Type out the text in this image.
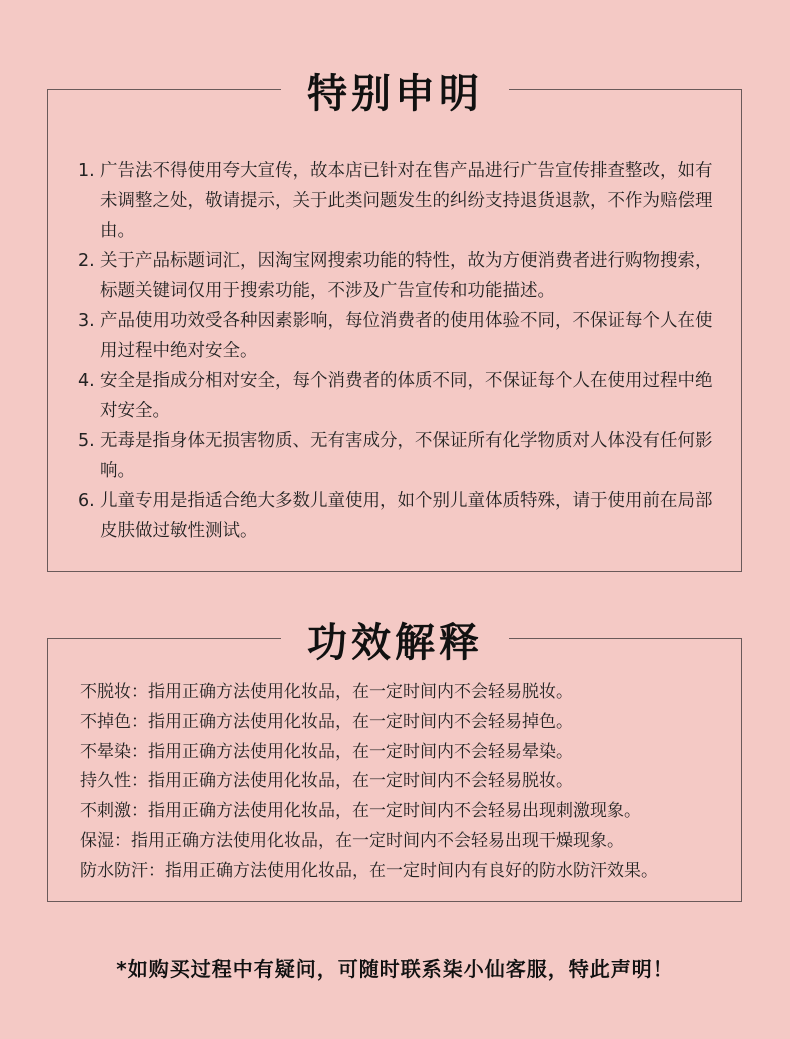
特别申明
1. 广告法不得使用夸大宣传，故本店已针对在售产品进行广告宣传排查整改，如有未调整之处，敬请提示，关于此类问题发生的纠纷支持退货退款，不作为赔偿理由。
2. 关于产品标题词汇，因淘宝网搜索功能的特性，故为方便消费者进行购物搜索，标题关键词仅用于搜索功能，不涉及广告宣传和功能描述。
3. 产品使用功效受各种因素影响，每位消费者的使用体验不同，不保证每个人在使用过程中绝对安全。
4. 安全是指成分相对安全，每个消费者的体质不同，不保证每个人在使用过程中绝对安全。
5. 无毒是指身体无损害物质、无有害成分，不保证所有化学物质对人体没有任何影响。
6. 儿童专用是指适合绝大多数儿童使用，如个别儿童体质特殊，请于使用前在局部皮肤做过敏性测试。
功效解释
不脱妆：指用正确方法使用化妆品，在一定时间内不会轻易脱妆。
不掉色：指用正确方法使用化妆品，在一定时间内不会轻易掉色。
不晕染：指用正确方法使用化妆品，在一定时间内不会轻易晕染。
持久性：指用正确方法使用化妆品，在一定时间内不会轻易脱妆。
不刺激：指用正确方法使用化妆品，在一定时间内不会轻易出现刺激现象。
保湿：指用正确方法使用化妆品，在一定时间内不会轻易出现干燥现象。
防水防汗：指用正确方法使用化妆品，在一定时间内有良好的防水防汗效果。
*如购买过程中有疑问，可随时联系柒小仙客服，特此声明！
